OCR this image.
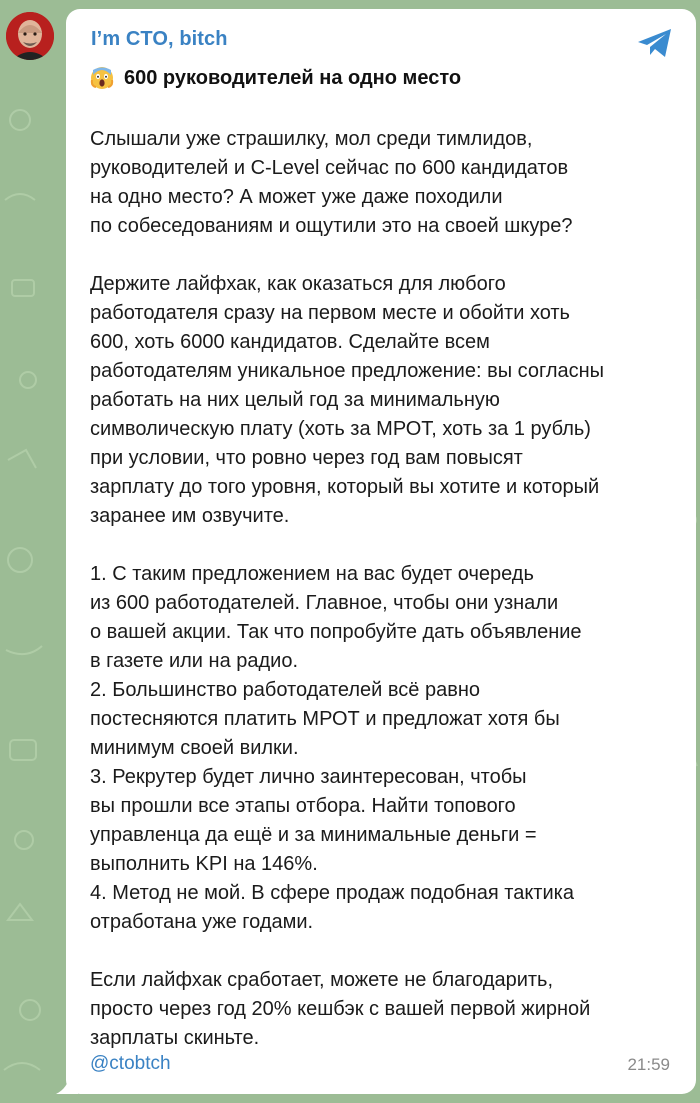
I’m CTO, bitch
600 руководителей на одно место
Слышали уже страшилку, мол среди тимлидов,
руководителей и C-Level сейчас по 600 кандидатов
на одно место? А может уже даже походили
по собеседованиям и ощутили это на своей шкуре?

Держите лайфхак, как оказаться для любого
работодателя сразу на первом месте и обойти хоть
600, хоть 6000 кандидатов. Сделайте всем
работодателям уникальное предложение: вы согласны
работать на них целый год за минимальную
символическую плату (хоть за МРОТ, хоть за 1 рубль)
при условии, что ровно через год вам повысят
зарплату до того уровня, который вы хотите и который
заранее им озвучите.

1. С таким предложением на вас будет очередь
из 600 работодателей. Главное, чтобы они узнали
о вашей акции. Так что попробуйте дать объявление
в газете или на радио.
2. Большинство работодателей всё равно
постесняются платить МРОТ и предложат хотя бы
минимум своей вилки.
3. Рекрутер будет лично заинтересован, чтобы
вы прошли все этапы отбора. Найти топового
управленца да ещё и за минимальные деньги =
выполнить KPI на 146%.
4. Метод не мой. В сфере продаж подобная тактика
отработана уже годами.

Если лайфхак сработает, можете не благодарить,
просто через год 20% кешбэк с вашей первой жирной
зарплаты скиньте.
@ctobtch	21:59
